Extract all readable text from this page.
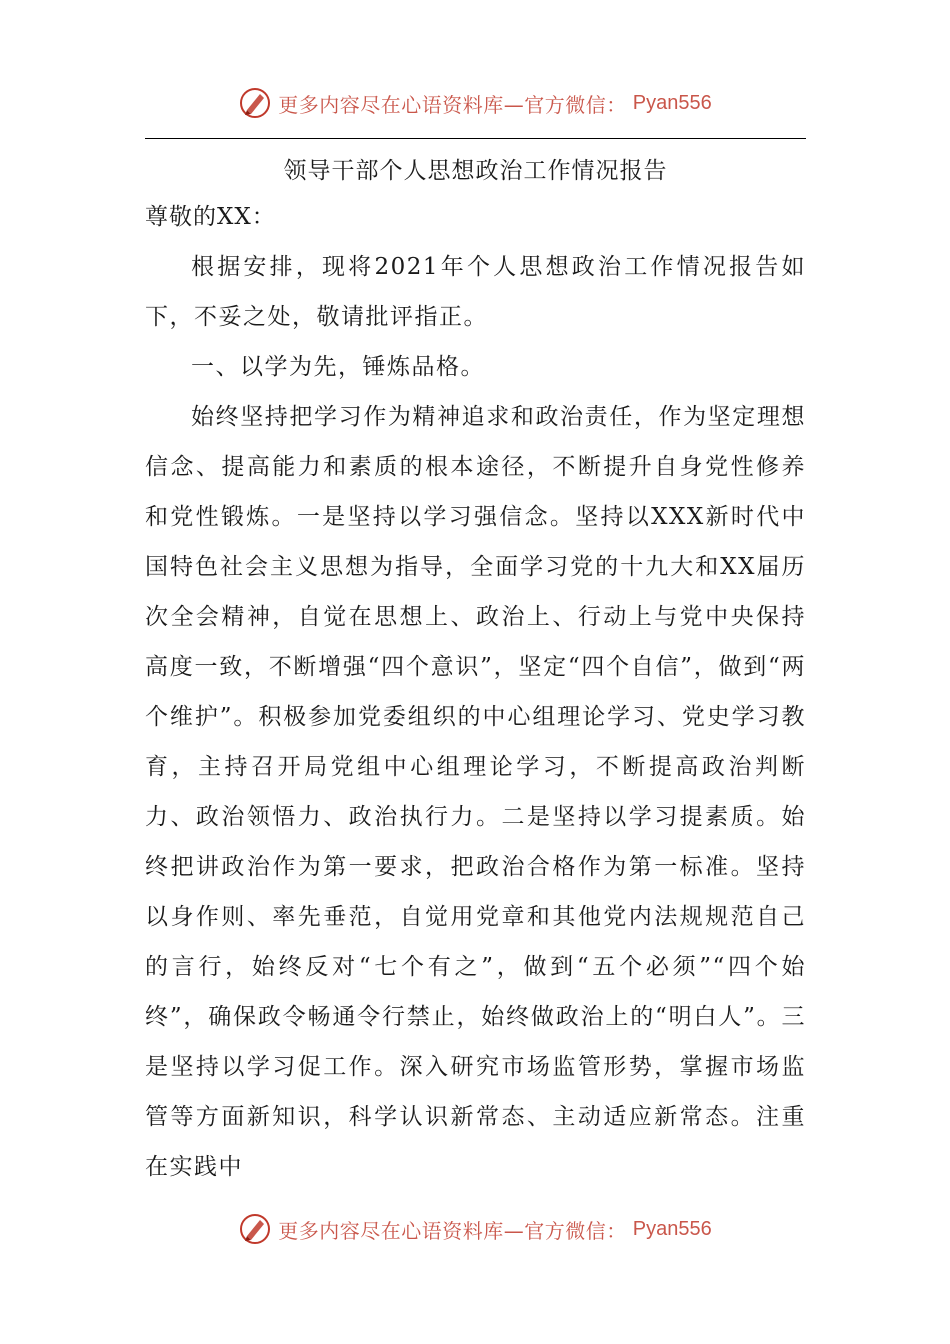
更多内容尽在心语资料库—官方微信： Pyan556
领导干部个人思想政治工作情况报告

尊敬的XX：

根据安排，现将2021年个人思想政治工作情况报告如下，不妥之处，敬请批评指正。

一、以学为先，锤炼品格。

始终坚持把学习作为精神追求和政治责任，作为坚定理想信念、提高能力和素质的根本途径，不断提升自身党性修养和党性锻炼。一是坚持以学习强信念。坚持以XXX新时代中国特色社会主义思想为指导，全面学习党的十九大和XX届历次全会精神，自觉在思想上、政治上、行动上与党中央保持高度一致，不断增强“四个意识”，坚定“四个自信”，做到“两个维护”。积极参加党委组织的中心组理论学习、党史学习教育，主持召开局党组中心组理论学习，不断提高政治判断力、政治领悟力、政治执行力。二是坚持以学习提素质。始终把讲政治作为第一要求，把政治合格作为第一标准。坚持以身作则、率先垂范，自觉用党章和其他党内法规规范自己的言行，始终反对“七个有之”，做到“五个必须”“四个始终”，确保政令畅通令行禁止，始终做政治上的“明白人”。三是坚持以学习促工作。深入研究市场监管形势，掌握市场监管等方面新知识，科学认识新常态、主动适应新常态。注重在实践中

更多内容尽在心语资料库—官方微信： Pyan556
